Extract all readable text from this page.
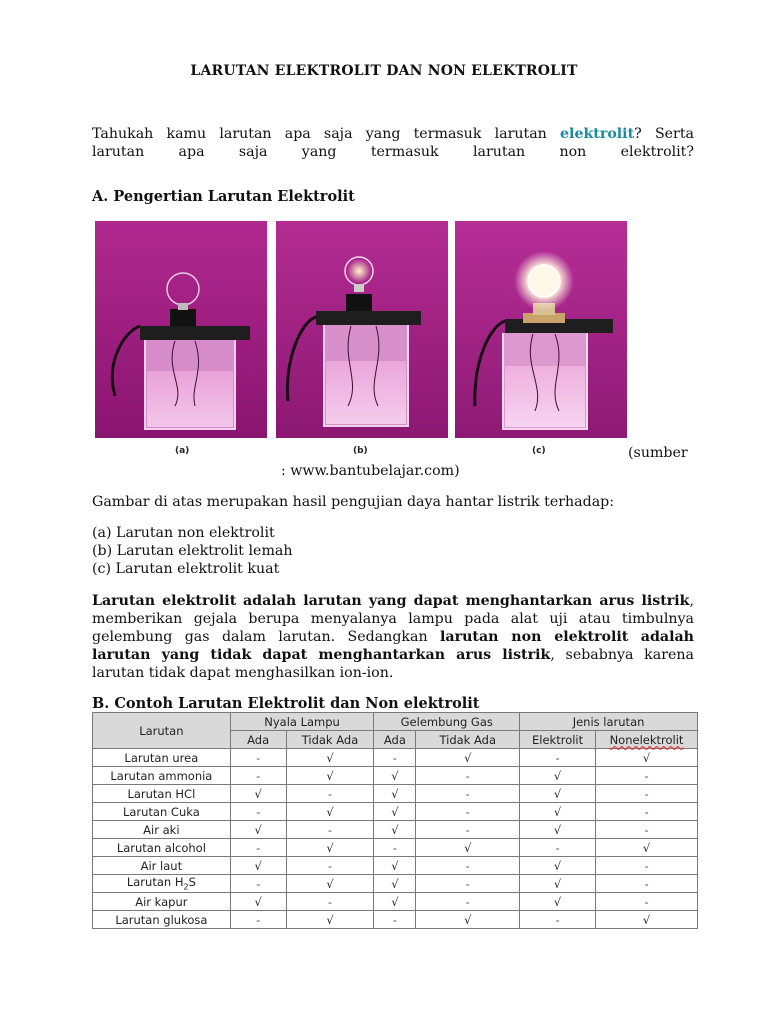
LARUTAN ELEKTROLIT DAN NON ELEKTROLIT
Tahukah kamu larutan apa saja yang termasuk larutan elektrolit? Serta
larutan apa saja yang termasuk larutan non elektrolit?
A. Pengertian Larutan Elektrolit
(a)	(b)	(c)	(sumber
: www.bantubelajar.com)
Gambar di atas merupakan hasil pengujian daya hantar listrik terhadap:
(a) Larutan non elektrolit
(b) Larutan elektrolit lemah
(c) Larutan elektrolit kuat
Larutan elektrolit adalah larutan yang dapat menghantarkan arus listrik, memberikan gejala berupa menyalanya lampu pada alat uji atau timbulnya gelembung gas dalam larutan. Sedangkan larutan non elektrolit adalah larutan yang tidak dapat menghantarkan arus listrik, sebabnya karena larutan tidak dapat menghasilkan ion-ion.
B. Contoh Larutan Elektrolit dan Non elektrolit
Larutan	Nyala Lampu		Gelembung Gas		Jenis larutan	
	Ada	Tidak Ada	Ada	Tidak Ada	Elektrolit	Nonelektrolit
Larutan urea	-	√	-	√	-	√
Larutan ammonia	-	√	√	-	√	-
Larutan HCl	√	-	√	-	√	-
Larutan Cuka	-	√	√	-	√	-
Air aki	√	-	√	-	√	-
Larutan alcohol	-	√	-	√	-	√
Air laut	√	-	√	-	√	-
Larutan $H_2S$	-	√	√	-	√	-
Air kapur	√	-	√	-	√	-
Larutan glukosa	-	√	-	√	-	√
